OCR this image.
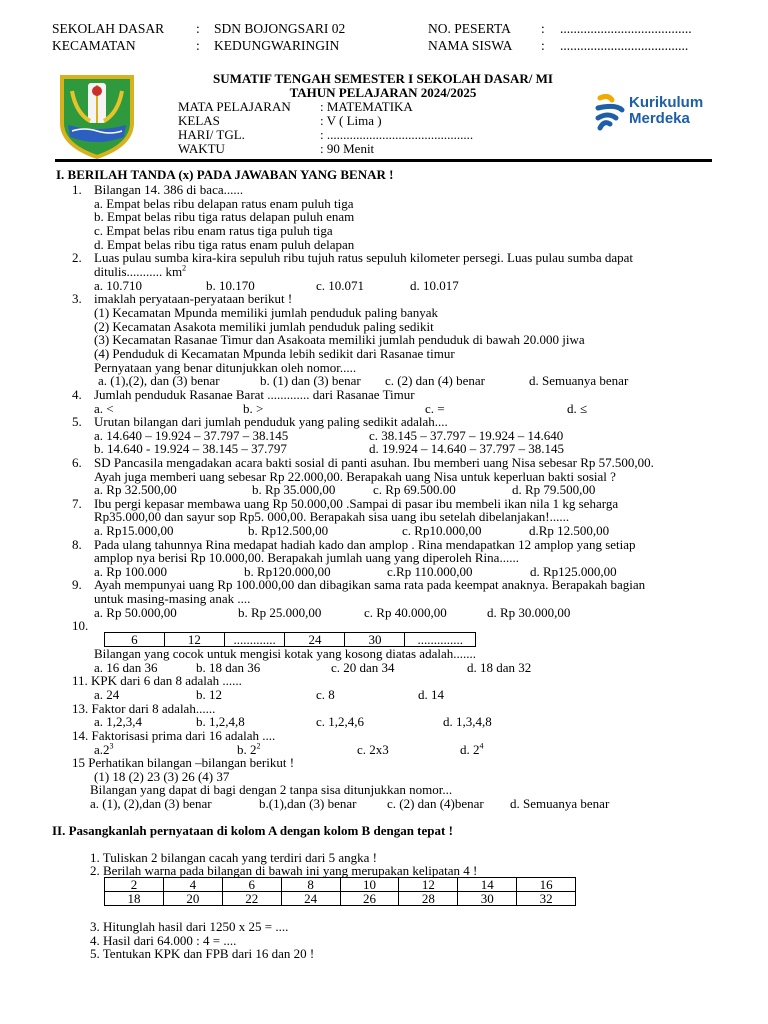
SEKOLAH DASAR : SDN BOJONGSARI 02
KECAMATAN	: KEDUNGWARINGIN
NO. PESERTA : .......................................
NAMA SISWA : ......................................
SUMATIF TENGAH SEMESTER I SEKOLAH DASAR/ MI
TAHUN PELAJARAN 2024/2025
MATA PELAJARAN : MATEMATIKA
KELAS	: V ( Lima )
HARI/ TGL.	: .............................................
WAKTU	: 90 Menit
Kurikulum
Merdeka
I. BERILAH TANDA (x) PADA JAWABAN YANG BENAR !
1. Bilangan 14. 386 di baca......
a. Empat belas ribu delapan ratus enam puluh tiga
b. Empat belas ribu tiga ratus delapan puluh enam
c. Empat belas ribu enam ratus tiga puluh tiga
d. Empat belas ribu tiga ratus enam puluh delapan
2. Luas pulau sumba kira-kira sepuluh ribu tujuh ratus sepuluh kilometer persegi. Luas pulau sumba dapat
ditulis........... $km^2$
a. 10.710	b. 10.170	c. 10.071	d. 10.017
3. imaklah peryataan-peryataan berikut !
(1) Kecamatan Mpunda memiliki jumlah penduduk paling banyak
(2) Kecamatan Asakota memiliki jumlah penduduk paling sedikit
(3) Kecamatan Rasanae Timur dan Asakoata memiliki jumlah penduduk di bawah 20.000 jiwa
(4) Penduduk di Kecamatan Mpunda lebih sedikit dari Rasanae timur
Pernyataan yang benar ditunjukkan oleh nomor.....
a. (1),(2), dan (3) benar	b. (1) dan (3) benar c. (2) dan (4) benar	d. Semuanya benar
4. Jumlah penduduk Rasanae Barat ............. dari Rasanae Timur
a. <	b. >	c. =	d. ≤
5. Urutan bilangan dari jumlah penduduk yang paling sedikit adalah....
a. 14.640 – 19.924 – 37.797 – 38.145	c. 38.145 – 37.797 – 19.924 – 14.640
b. 14.640 - 19.924 – 38.145 – 37.797	d. 19.924 – 14.640 – 37.797 – 38.145
6. SD Pancasila mengadakan acara bakti sosial di panti asuhan. Ibu memberi uang Nisa sebesar Rp 57.500,00.
Ayah juga memberi uang sebesar Rp 22.000,00. Berapakah uang Nisa untuk keperluan bakti sosial ?
a. Rp 32.500,00	b. Rp 35.000,00	c. Rp 69.500.00	d. Rp 79.500,00
7. Ibu pergi kepasar membawa uang Rp 50.000,00 .Sampai di pasar ibu membeli ikan nila 1 kg seharga
Rp35.000,00 dan sayur sop Rp5. 000,00. Berapakah sisa uang ibu setelah dibelanjakan!......
a. Rp15.000,00	b. Rp12.500,00	c. Rp10.000,00	d.Rp 12.500,00
8. Pada ulang tahunnya Rina medapat hadiah kado dan amplop . Rina mendapatkan 12 amplop yang setiap
amplop nya berisi Rp 10.000,00. Berapakah jumlah uang yang diperoleh Rina......
a. Rp 100.000	b. Rp120.000,00	c.Rp 110.000,00	d. Rp125.000,00
9. Ayah mempunyai uang Rp 100.000,00 dan dibagikan sama rata pada keempat anaknya. Berapakah bagian
untuk masing-masing anak ....
a. Rp 50.000,00	b. Rp 25.000,00	c. Rp 40.000,00	d. Rp 30.000,00
10.
6	12	.............	24	30	..............
Bilangan yang cocok untuk mengisi kotak yang kosong diatas adalah.......
a. 16 dan 36	b. 18 dan 36	c. 20 dan 34	d. 18 dan 32
11. KPK dari 6 dan 8 adalah ......
a. 24	b. 12	c. 8	d. 14
13. Faktor dari 8 adalah......
a. 1,2,3,4	b. 1,2,4,8	c. 1,2,4,6	d. 1,3,4,8
14. Faktorisasi prima dari 16 adalah ....
$a.2^3$	b. $2^2$	c. 2x3	d. $2^4$
15 Perhatikan bilangan –bilangan berikut !
(1) 18 (2) 23 (3) 26 (4) 37
Bilangan yang dapat di bagi dengan 2 tanpa sisa ditunjukkan nomor...
a. (1), (2),dan (3) benar	b.(1),dan (3) benar c. (2) dan (4)benar d. Semuanya benar
II. Pasangkanlah pernyataan di kolom A dengan kolom B dengan tepat !
1. Tuliskan 2 bilangan cacah yang terdiri dari 5 angka !
2. Berilah warna pada bilangan di bawah ini yang merupakan kelipatan 4 !
2	4	6	8	10	12	14	16
18	20	22	24	26	28	30	32
3. Hitunglah hasil dari 1250 x 25 = ....
4. Hasil dari 64.000 : 4 = ....
5. Tentukan KPK dan FPB dari 16 dan 20 !
